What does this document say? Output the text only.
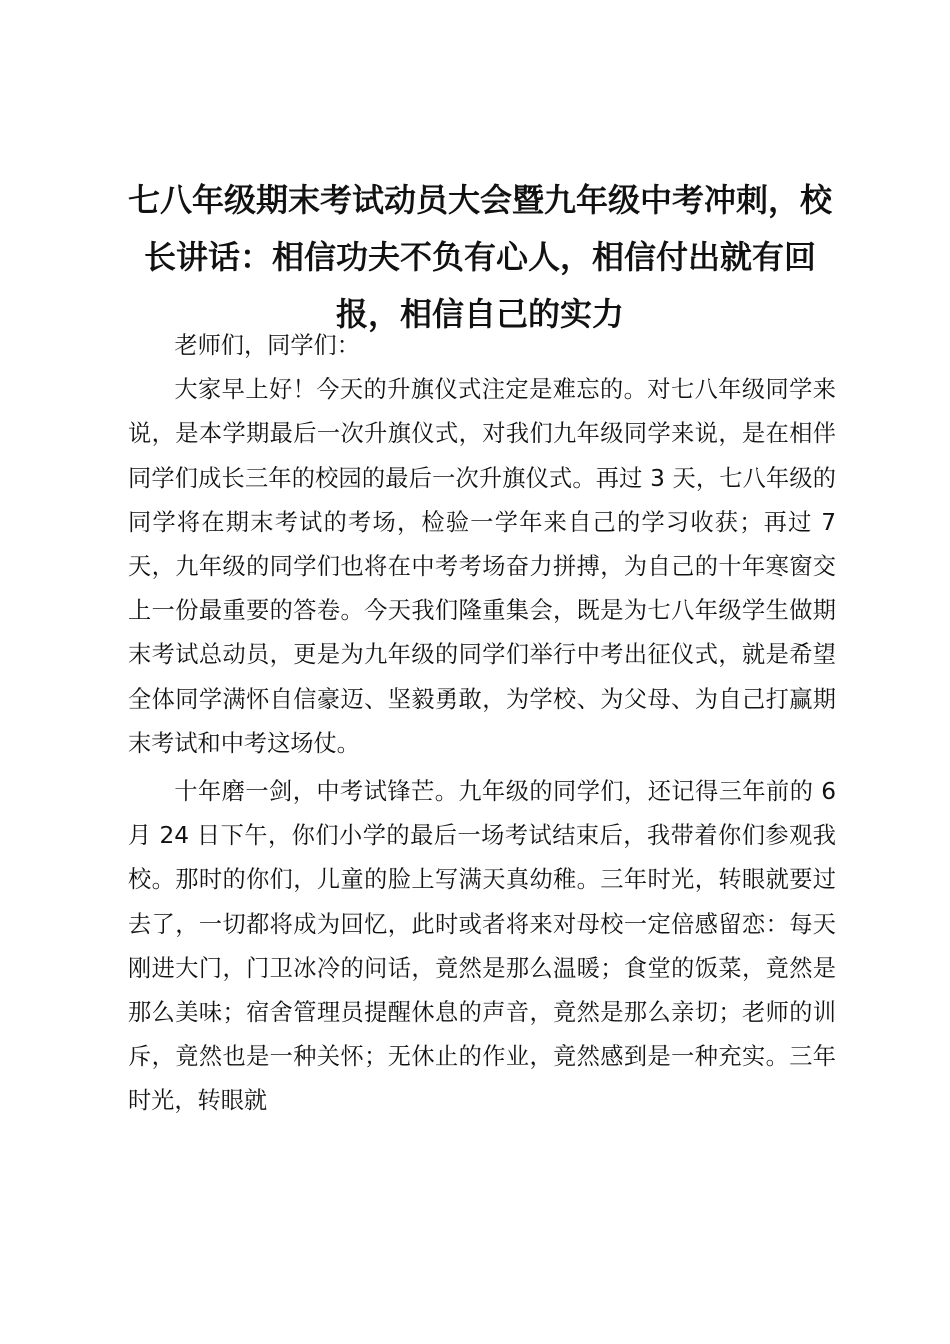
七八年级期末考试动员大会暨九年级中考冲刺，校长讲话：相信功夫不负有心人，相信付出就有回报，相信自己的实力

老师们，同学们：

大家早上好！今天的升旗仪式注定是难忘的。对七八年级同学来说，是本学期最后一次升旗仪式，对我们九年级同学来说，是在相伴同学们成长三年的校园的最后一次升旗仪式。再过 3 天，七八年级的同学将在期末考试的考场，检验一学年来自己的学习收获；再过 7 天，九年级的同学们也将在中考考场奋力拼搏，为自己的十年寒窗交上一份最重要的答卷。今天我们隆重集会，既是为七八年级学生做期末考试总动员，更是为九年级的同学们举行中考出征仪式，就是希望全体同学满怀自信豪迈、坚毅勇敢，为学校、为父母、为自己打赢期末考试和中考这场仗。

十年磨一剑，中考试锋芒。九年级的同学们，还记得三年前的 6 月 24 日下午，你们小学的最后一场考试结束后，我带着你们参观我校。那时的你们，儿童的脸上写满天真幼稚。三年时光，转眼就要过去了，一切都将成为回忆，此时或者将来对母校一定倍感留恋：每天刚进大门，门卫冰冷的问话，竟然是那么温暖；食堂的饭菜，竟然是那么美味；宿舍管理员提醒休息的声音，竟然是那么亲切；老师的训斥，竟然也是一种关怀；无休止的作业，竟然感到是一种充实。三年时光，转眼就
